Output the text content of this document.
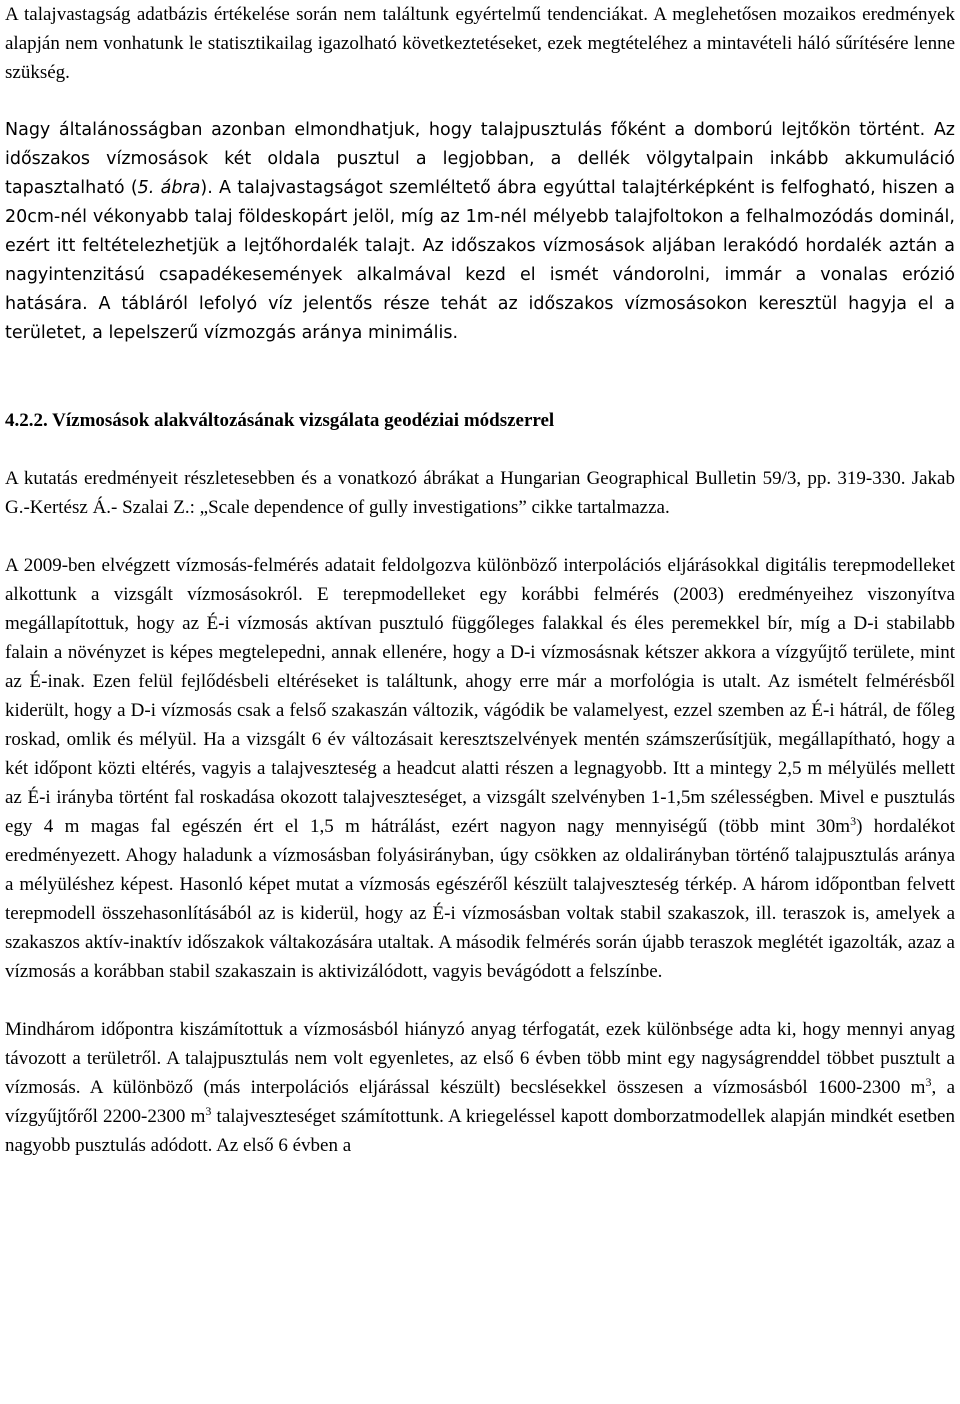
A talajvastagság adatbázis értékelése során nem találtunk egyértelmű tendenciákat. A meglehetősen mozaikos eredmények alapján nem vonhatunk le statisztikailag igazolható következtetéseket, ezek megtételéhez a mintavételi háló sűrítésére lenne szükség.

Nagy általánosságban azonban elmondhatjuk, hogy talajpusztulás főként a domború lejtőkön történt. Az időszakos vízmosások két oldala pusztul a legjobban, a dellék völgytalpain inkább akkumuláció tapasztalható (5. ábra). A talajvastagságot szemléltető ábra egyúttal talajtérképként is felfogható, hiszen a 20cm-nél vékonyabb talaj földeskopárt jelöl, míg az 1m-nél mélyebb talajfoltokon a felhalmozódás dominál, ezért itt feltételezhetjük a lejtőhordalék talajt. Az időszakos vízmosások aljában lerakódó hordalék aztán a nagyintenzitású csapadékesemények alkalmával kezd el ismét vándorolni, immár a vonalas erózió hatására. A tábláról lefolyó víz jelentős része tehát az időszakos vízmosásokon keresztül hagyja el a területet, a lepelszerű vízmozgás aránya minimális.

4.2.2. Vízmosások alakváltozásának vizsgálata geodéziai módszerrel

A kutatás eredményeit részletesebben és a vonatkozó ábrákat a Hungarian Geographical Bulletin 59/3, pp. 319-330. Jakab G.-Kertész Á.- Szalai Z.: „Scale dependence of gully investigations” cikke tartalmazza.

A 2009-ben elvégzett vízmosás-felmérés adatait feldolgozva különböző interpolációs eljárásokkal digitális terepmodelleket alkottunk a vizsgált vízmosásokról. E terepmodelleket egy korábbi felmérés (2003) eredményeihez viszonyítva megállapítottuk, hogy az É-i vízmosás aktívan pusztuló függőleges falakkal és éles peremekkel bír, míg a D-i stabilabb falain a növényzet is képes megtelepedni, annak ellenére, hogy a D-i vízmosásnak kétszer akkora a vízgyűjtő területe, mint az É-inak. Ezen felül fejlődésbeli eltéréseket is találtunk, ahogy erre már a morfológia is utalt. Az ismételt felmérésből kiderült, hogy a D-i vízmosás csak a felső szakaszán változik, vágódik be valamelyest, ezzel szemben az É-i hátrál, de főleg roskad, omlik és mélyül. Ha a vizsgált 6 év változásait keresztszelvények mentén számszerűsítjük, megállapítható, hogy a két időpont közti eltérés, vagyis a talajveszteség a headcut alatti részen a legnagyobb. Itt a mintegy 2,5 m mélyülés mellett az É-i irányba történt fal roskadása okozott talajveszteséget, a vizsgált szelvényben 1-1,5m szélességben. Mivel e pusztulás egy 4 m magas fal egészén ért el 1,5 m hátrálást, ezért nagyon nagy mennyiségű (több mint $30m^3$) hordalékot eredményezett. Ahogy haladunk a vízmosásban folyásirányban, úgy csökken az oldalirányban történő talajpusztulás aránya a mélyüléshez képest. Hasonló képet mutat a vízmosás egészéről készült talajveszteség térkép. A három időpontban felvett terepmodell összehasonlításából az is kiderül, hogy az É-i vízmosásban voltak stabil szakaszok, ill. teraszok is, amelyek a szakaszos aktív-inaktív időszakok váltakozására utaltak. A második felmérés során újabb teraszok meglétét igazolták, azaz a vízmosás a korábban stabil szakaszain is aktivizálódott, vagyis bevágódott a felszínbe.

Mindhárom időpontra kiszámítottuk a vízmosásból hiányzó anyag térfogatát, ezek különbsége adta ki, hogy mennyi anyag távozott a területről. A talajpusztulás nem volt egyenletes, az első 6 évben több mint egy nagyságrenddel többet pusztult a vízmosás. A különböző (más interpolációs eljárással készült) becslésekkel összesen a vízmosásból 1600-2300 $m^3$, a vízgyűjtőről 2200-2300 $m^3$ talajveszteséget számítottunk. A kriegeléssel kapott domborzatmodellek alapján mindkét esetben nagyobb pusztulás adódott. Az első 6 évben a
